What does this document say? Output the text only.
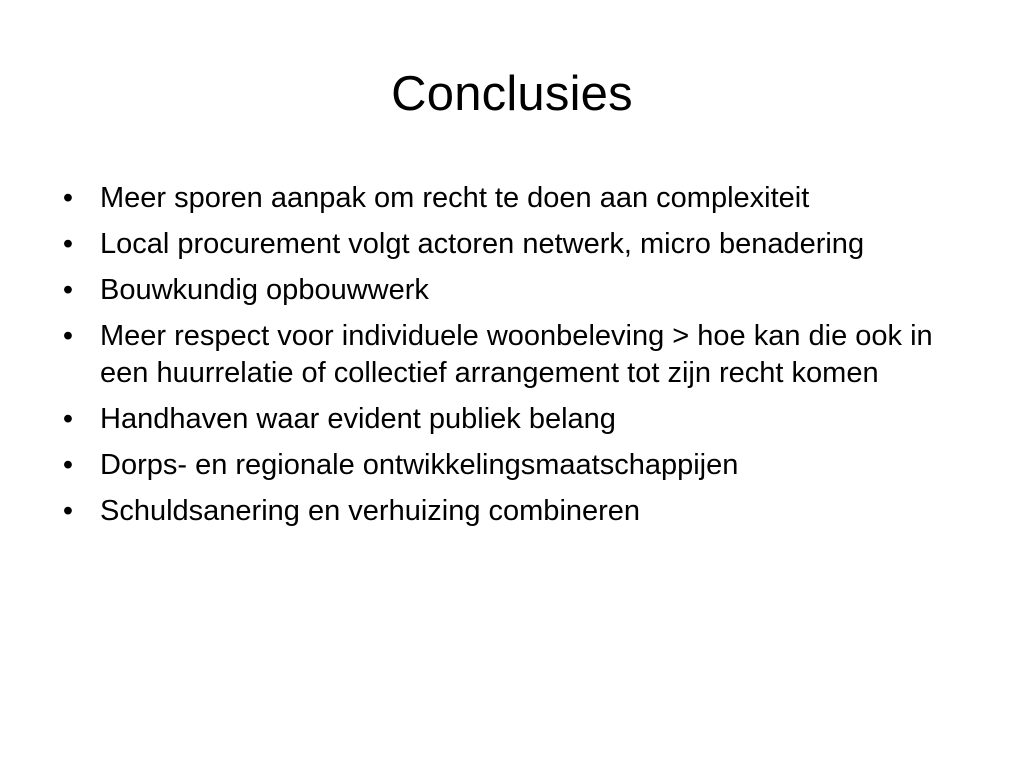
Conclusies
• Meer sporen aanpak om recht te doen aan complexiteit
• Local procurement volgt actoren netwerk, micro benadering
• Bouwkundig opbouwwerk
• Meer respect voor individuele woonbeleving > hoe kan die ook in een huurrelatie of collectief arrangement tot zijn recht komen
• Handhaven waar evident publiek belang
• Dorps- en regionale ontwikkelingsmaatschappijen
• Schuldsanering en verhuizing combineren
